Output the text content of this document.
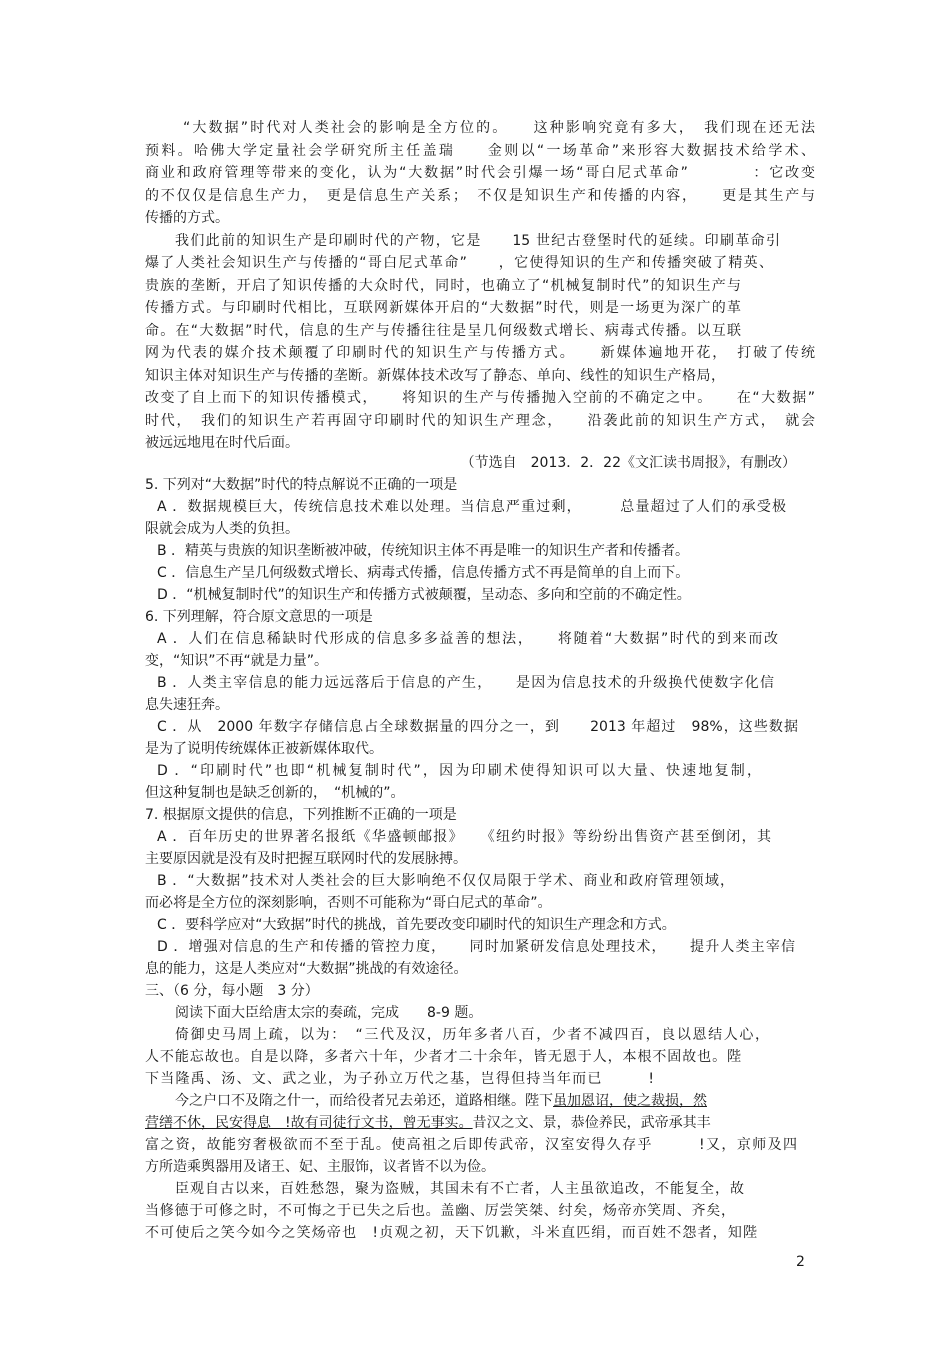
“大数据”时代对人类社会的影响是全方位的。　　这种影响究竟有多大，　我们现在还无法
预料。哈佛大学定量社会学研究所主任盖瑞　　金则以“一场革命”来形容大数据技术给学术、
商业和政府管理等带来的变化，认为“大数据”时代会引爆一场“哥白尼式革命”　　　　：它改变
的不仅仅是信息生产力，　更是信息生产关系；　不仅是知识生产和传播的内容，　　更是其生产与
传播的方式。
我们此前的知识生产是印刷时代的产物，它是　　15 世纪古登堡时代的延续。印刷革命引
爆了人类社会知识生产与传播的“哥白尼式革命”　　，它使得知识的生产和传播突破了精英、
贵族的垄断，开启了知识传播的大众时代，同时，也确立了“机械复制时代”的知识生产与
传播方式。与印刷时代相比，互联网新媒体开启的“大数据”时代，则是一场更为深广的革
命。在“大数据”时代，信息的生产与传播往往是呈几何级数式增长、病毒式传播。以互联
网为代表的媒介技术颠覆了印刷时代的知识生产与传播方式。　　新媒体遍地开花，　打破了传统
知识主体对知识生产与传播的垄断。新媒体技术改写了静态、单向、线性的知识生产格局，
改变了自上而下的知识传播模式，　　将知识的生产与传播抛入空前的不确定之中。　　在“大数据”
时代，　我们的知识生产若再固守印刷时代的知识生产理念，　　沿袭此前的知识生产方式，　就会
被远远地甩在时代后面。
（节选自　2013．2．22《文汇读书周报》，有删改）
5. 下列对“大数据”时代的特点解说不正确的一项是
A ．数据规模巨大，传统信息技术难以处理。当信息严重过剩，　　　总量超过了人们的承受极
限就会成为人类的负担。
B ．精英与贵族的知识垄断被冲破，传统知识主体不再是唯一的知识生产者和传播者。
C ．信息生产呈几何级数式增长、病毒式传播，信息传播方式不再是简单的自上而下。
D ．“机械复制时代”的知识生产和传播方式被颠覆，呈动态、多向和空前的不确定性。
6. 下列理解，符合原文意思的一项是
A ．人们在信息稀缺时代形成的信息多多益善的想法，　　将随着“大数据”时代的到来而改
变，“知识”不再“就是力量”。
B ．人类主宰信息的能力远远落后于信息的产生，　　是因为信息技术的升级换代使数字化信
息失速狂奔。
C ．从　2000 年数字存储信息占全球数据量的四分之一，到　　2013 年超过　98%，这些数据
是为了说明传统媒体正被新媒体取代。
D ．“印刷时代”也即“机械复制时代”，因为印刷术使得知识可以大量、快速地复制，
但这种复制也是缺乏创新的，　“机械的”。
7. 根据原文提供的信息，下列推断不正确的一项是
A ．百年历史的世界著名报纸《华盛顿邮报》　　《纽约时报》等纷纷出售资产甚至倒闭，其
主要原因就是没有及时把握互联网时代的发展脉搏。
B ．“大数据”技术对人类社会的巨大影响绝不仅仅局限于学术、商业和政府管理领域，
而必将是全方位的深刻影响，否则不可能称为“哥白尼式的革命”。
C ．要科学应对“大致据”时代的挑战，首先要改变印刷时代的知识生产理念和方式。
D ．增强对信息的生产和传播的管控力度，　　同时加紧研发信息处理技术，　　提升人类主宰信
息的能力，这是人类应对“大数据”挑战的有效途径。
三、（6 分，每小题　3 分）
阅读下面大臣给唐太宗的奏疏，完成　　8-9 题。
倚御史马周上疏，以为：　“三代及汉，历年多者八百，少者不减四百，良以恩结人心，
人不能忘故也。自是以降，多者六十年，少者才二十余年，皆无恩于人，本根不固故也。陛
下当隆禹、汤、文、武之业，为子孙立万代之基，岂得但持当年而已　　　!
今之户口不及隋之什一，而给役者兄去弟还，道路相继。陛下虽加恩诏，使之裁损，然
营缮不休，民安得息　!故有司徒行文书，曾无事实。昔汉之文、景，恭俭养民，武帝承其丰
富之资，故能穷奢极欲而不至于乱。使高祖之后即传武帝，汉室安得久存乎　　　!又，京师及四
方所造乘舆器用及诸王、妃、主服饰，议者皆不以为俭。
臣观自古以来，百姓愁怨，聚为盗贼，其国未有不亡者，人主虽欲追改，不能复全，故
当修德于可修之时，不可悔之于已失之后也。盖幽、厉尝笑桀、纣矣，炀帝亦笑周、齐矣，
不可使后之笑今如今之笑炀帝也　!贞观之初，天下饥歉，斗米直匹绢，而百姓不怨者，知陛
2
